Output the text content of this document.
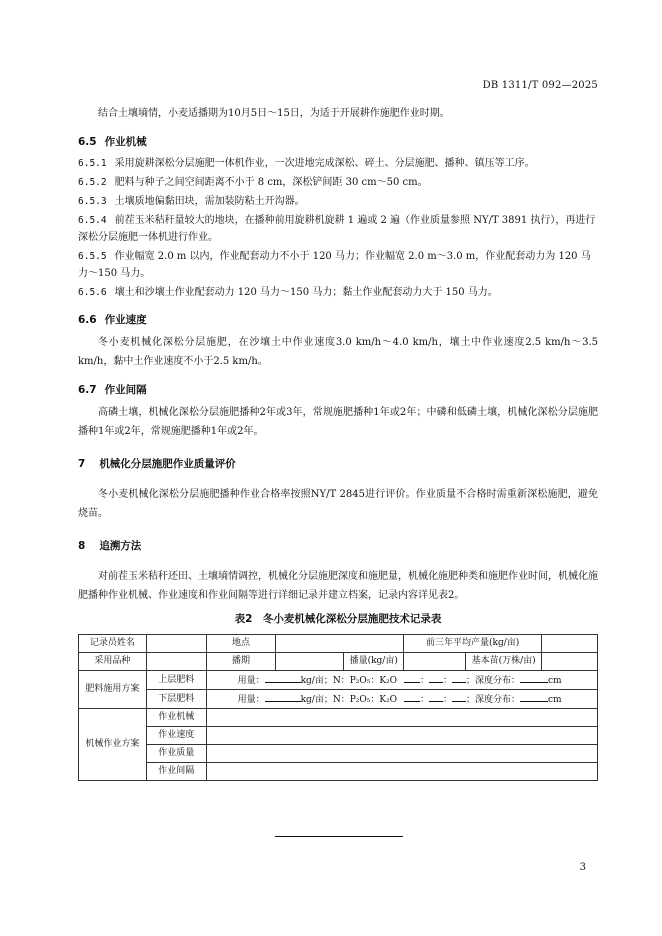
DB 1311/T 092—2025

结合土壤墒情，小麦适播期为10月5日～15日，为适于开展耕作施肥作业时期。

6.5 作业机械

6.5.1 采用旋耕深松分层施肥一体机作业，一次进地完成深松、碎土、分层施肥、播种、镇压等工序。

6.5.2 肥料与种子之间空间距离不小于 8 cm，深松铲间距 30 cm～50 cm。

6.5.3 土壤质地偏黏田块，需加装防粘土开沟器。

6.5.4 前茬玉米秸秆量较大的地块，在播种前用旋耕机旋耕 1 遍或 2 遍（作业质量参照 NY/T 3891 执行），再进行深松分层施肥一体机进行作业。

6.5.5 作业幅宽 2.0 m 以内，作业配套动力不小于 120 马力；作业幅宽 2.0 m～3.0 m，作业配套动力为 120 马力～150 马力。

6.5.6 壤土和沙壤土作业配套动力 120 马力～150 马力；黏土作业配套动力大于 150 马力。

6.6 作业速度

冬小麦机械化深松分层施肥，在沙壤土中作业速度3.0 km/h～4.0 km/h，壤土中作业速度2.5 km/h～3.5 km/h，黏中土作业速度不小于2.5 km/h。

6.7 作业间隔

高磷土壤，机械化深松分层施肥播种2年或3年，常规施肥播种1年或2年；中磷和低磷土壤，机械化深松分层施肥播种1年或2年，常规施肥播种1年或2年。

7 机械化分层施肥作业质量评价

冬小麦机械化深松分层施肥播种作业合格率按照NY/T 2845进行评价。作业质量不合格时需重新深松施肥，避免烧苗。

8 追溯方法

对前茬玉米秸秆还田、土壤墒情调控，机械化分层施肥深度和施肥量，机械化施肥种类和施肥作业时间，机械化施肥播种作业机械、作业速度和作业间隔等进行详细记录并建立档案，记录内容详见表2。

表2　冬小麦机械化深松分层施肥技术记录表
记录员姓名		地点			前三年平均产量(kg/亩)		
采用品种		播期		播量(kg/亩)		基本苗(万株/亩)	
肥料施用方案	上层肥料	用量： kg/亩；N：P₂O₅：K₂O ： ： ；深度分布： cm					
	下层肥料	用量： kg/亩；N：P₂O₅：K₂O ： ： ；深度分布： cm					
机械作业方案	作业机械						
	作业速度						
	作业质量						
	作业间隔						
3
